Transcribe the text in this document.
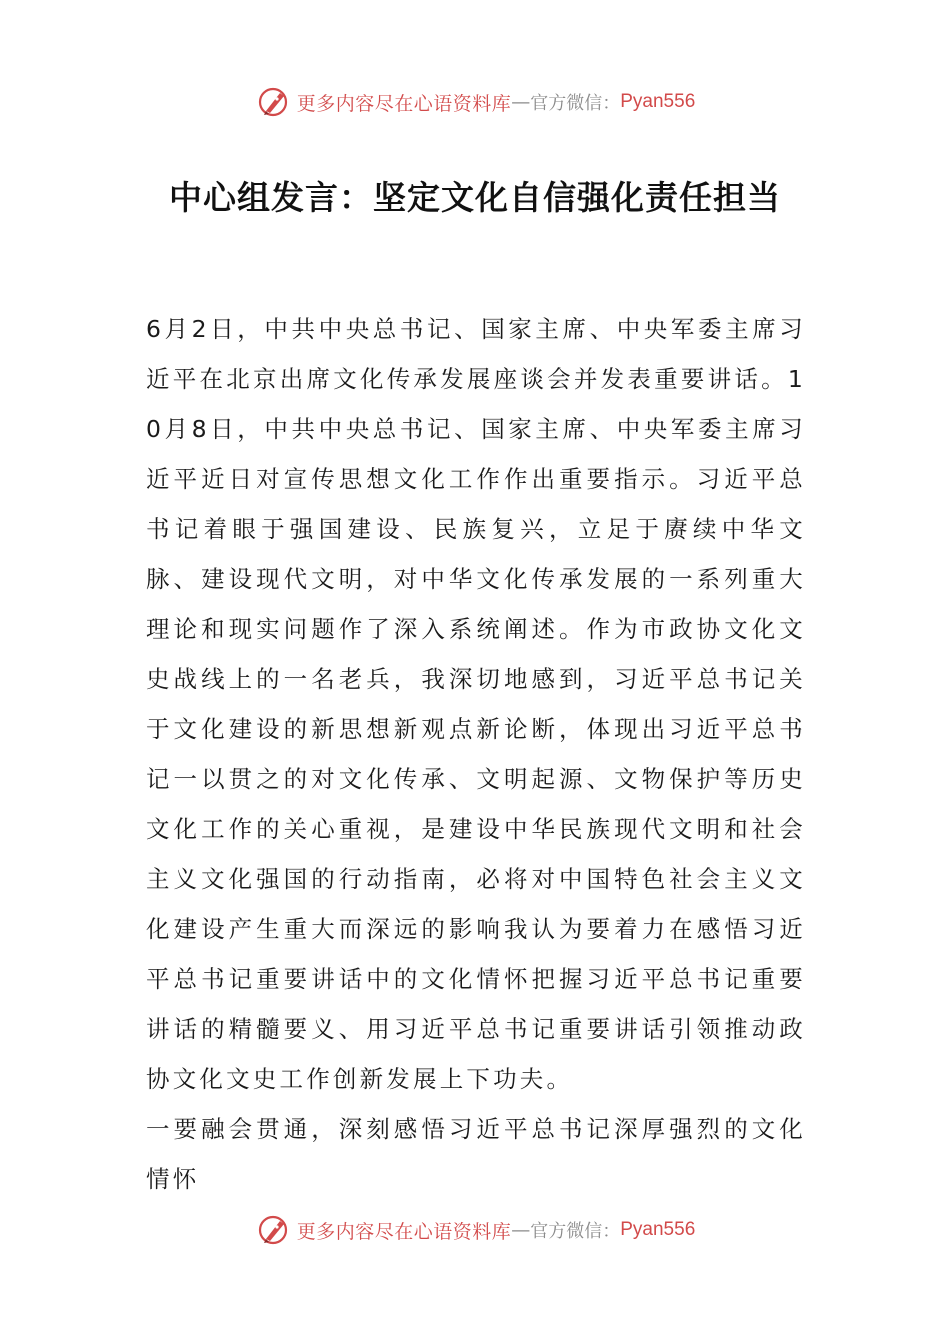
更多内容尽在心语资料库 — 官方微信： Pyan556
中心组发言：坚定文化自信强化责任担当

6月2日，中共中央总书记、国家主席、中央军委主席习近平在北京出席文化传承发展座谈会并发表重要讲话。10月8日，中共中央总书记、国家主席、中央军委主席习近平近日对宣传思想文化工作作出重要指示。习近平总书记着眼于强国建设、民族复兴，立足于赓续中华文脉、建设现代文明，对中华文化传承发展的一系列重大理论和现实问题作了深入系统阐述。作为市政协文化文史战线上的一名老兵，我深切地感到，习近平总书记关于文化建设的新思想新观点新论断，体现出习近平总书记一以贯之的对文化传承、文明起源、文物保护等历史文化工作的关心重视，是建设中华民族现代文明和社会主义文化强国的行动指南，必将对中国特色社会主义文化建设产生重大而深远的影响我认为要着力在感悟习近平总书记重要讲话中的文化情怀把握习近平总书记重要讲话的精髓要义、用习近平总书记重要讲话引领推动政协文化文史工作创新发展上下功夫。

一要融会贯通，深刻感悟习近平总书记深厚强烈的文化情怀

更多内容尽在心语资料库 — 官方微信： Pyan556
